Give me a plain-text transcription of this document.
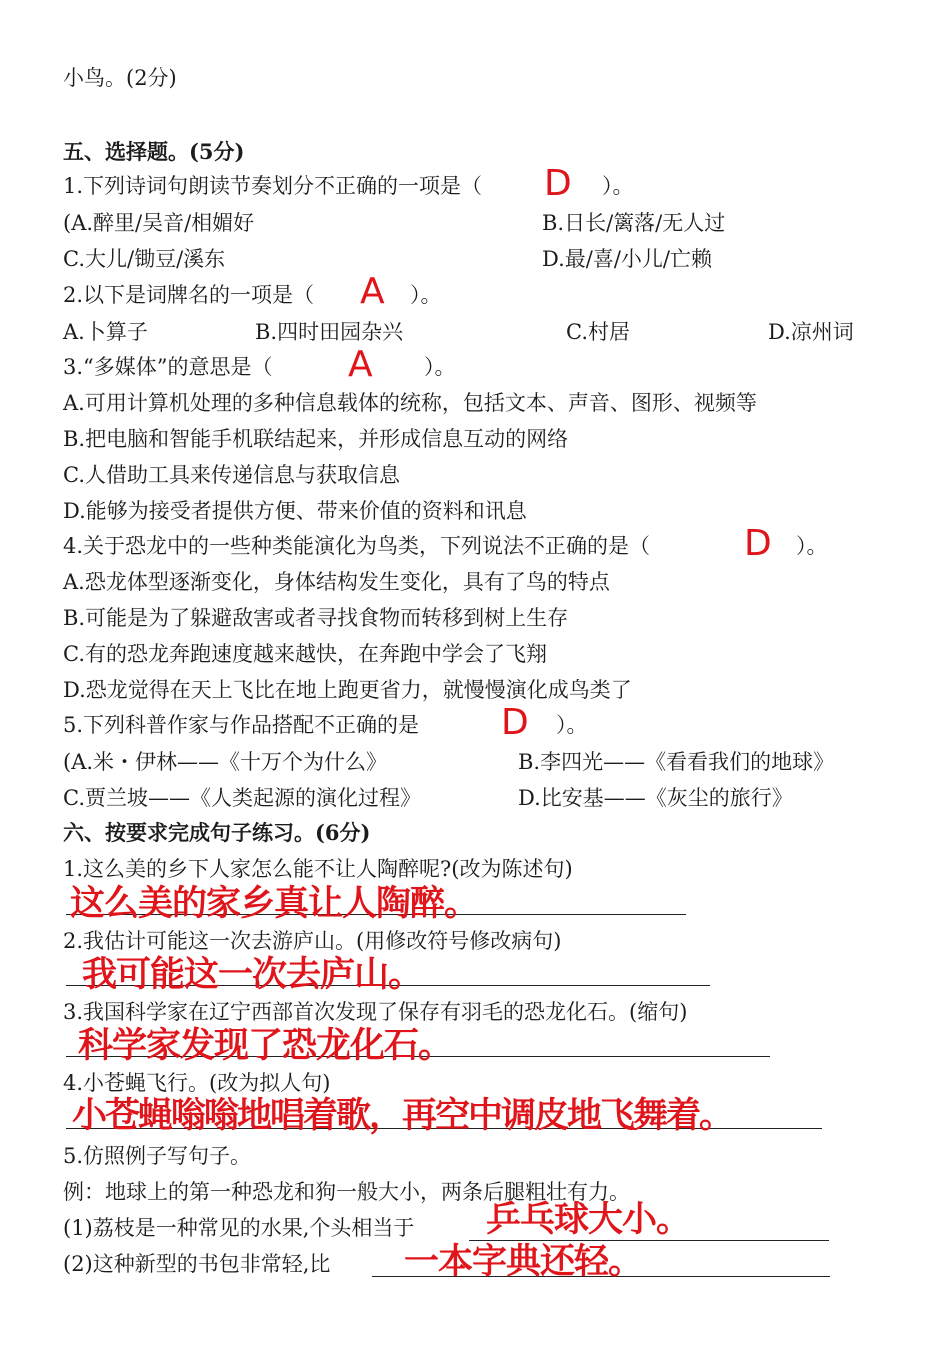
小鸟。(2分)
五、选择题。(5分)
1.下列诗词句朗读节奏划分不正确的一项是（ D ）。
(A.醉里/吴音/相媚好	B.日长/篱落/无人过
C.大儿/锄豆/溪东	D.最/喜/小儿/亡赖
2.以下是词牌名的一项是（ A ）。
A.卜算子	B.四时田园杂兴	C.村居	D.凉州词
3.“多媒体”的意思是（ A ）。
A.可用计算机处理的多种信息载体的统称，包括文本、声音、图形、视频等
B.把电脑和智能手机联结起来，并形成信息互动的网络
C.人借助工具来传递信息与获取信息
D.能够为接受者提供方便、带来价值的资料和讯息
4.关于恐龙中的一些种类能演化为鸟类，下列说法不正确的是（	D ）。
A.恐龙体型逐渐变化，身体结构发生变化，具有了鸟的特点
B.可能是为了躲避敌害或者寻找食物而转移到树上生存
C.有的恐龙奔跑速度越来越快，在奔跑中学会了飞翔
D.恐龙觉得在天上飞比在地上跑更省力，就慢慢演化成鸟类了
5.下列科普作家与作品搭配不正确的是 D ）。
(A.米・伊林——《十万个为什么》	B.李四光——《看看我们的地球》
C.贾兰坡——《人类起源的演化过程》	D.比安基——《灰尘的旅行》
六、按要求完成句子练习。(6分)
1.这么美的乡下人家怎么能不让人陶醉呢?(改为陈述句)
这么美的家乡真让人陶醉。
2.我估计可能这一次去游庐山。(用修改符号修改病句)
我可能这一次去庐山。
3.我国科学家在辽宁西部首次发现了保存有羽毛的恐龙化石。(缩句)
科学家发现了恐龙化石。
4.小苍蝇飞行。(改为拟人句)
小苍蝇嗡嗡地唱着歌，再空中调皮地飞舞着。
5.仿照例子写句子。
例：地球上的第一种恐龙和狗一般大小，两条后腿粗壮有力。
(1)荔枝是一种常见的水果,个头相当于 乒乓球大小。
(2)这种新型的书包非常轻,比 一本字典还轻。
